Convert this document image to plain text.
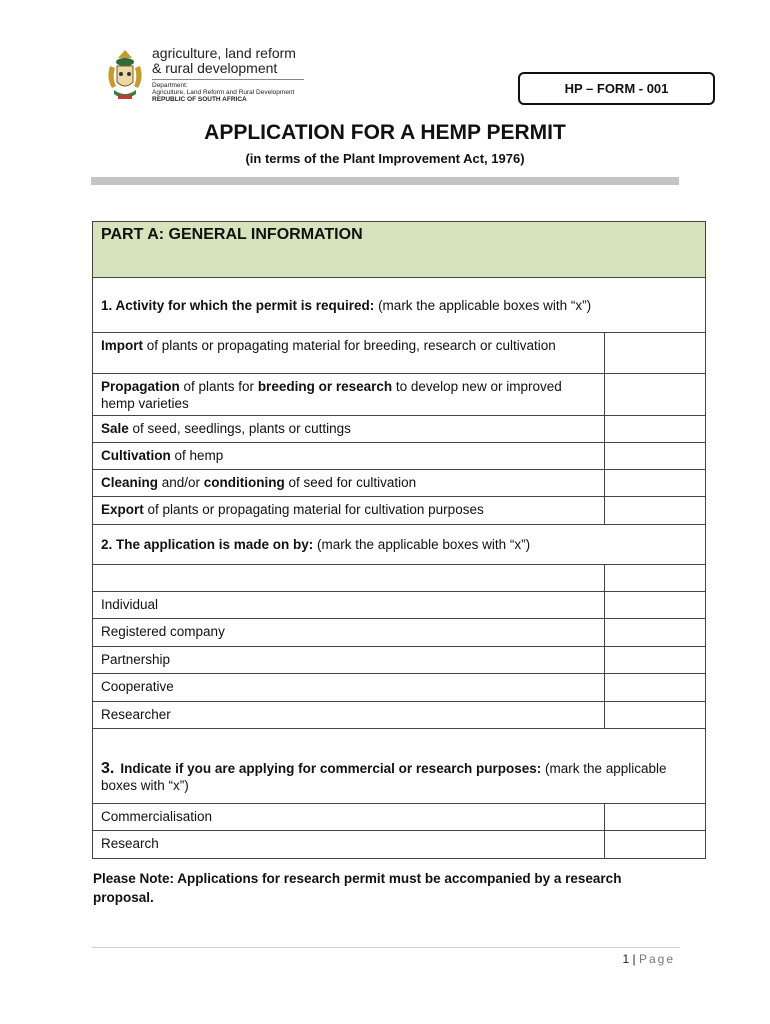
agriculture, land reform
& rural development
Department:
Agriculture, Land Reform and Rural Development
REPUBLIC OF SOUTH AFRICA
HP – FORM - 001
APPLICATION FOR A HEMP PERMIT
(in terms of the Plant Improvement Act, 1976)
PART A: GENERAL INFORMATION	
1. Activity for which the permit is required: (mark the applicable boxes with “x”)	
Import of plants or propagating material for breeding, research or cultivation	
Propagation of plants for breeding or research to develop new or improved hemp varieties	
Sale of seed, seedlings, plants or cuttings	
Cultivation of hemp	
Cleaning and/or conditioning of seed for cultivation	
Export of plants or propagating material for cultivation purposes	
2. The application is made on by: (mark the applicable boxes with “x”)	

Individual	
Registered company	
Partnership	
Cooperative	
Researcher	
3. Indicate if you are applying for commercial or research purposes: (mark the applicable boxes with “x”)	
Commercialisation	
Research	
Please Note: Applications for research permit must be accompanied by a research proposal.
1 | Page
